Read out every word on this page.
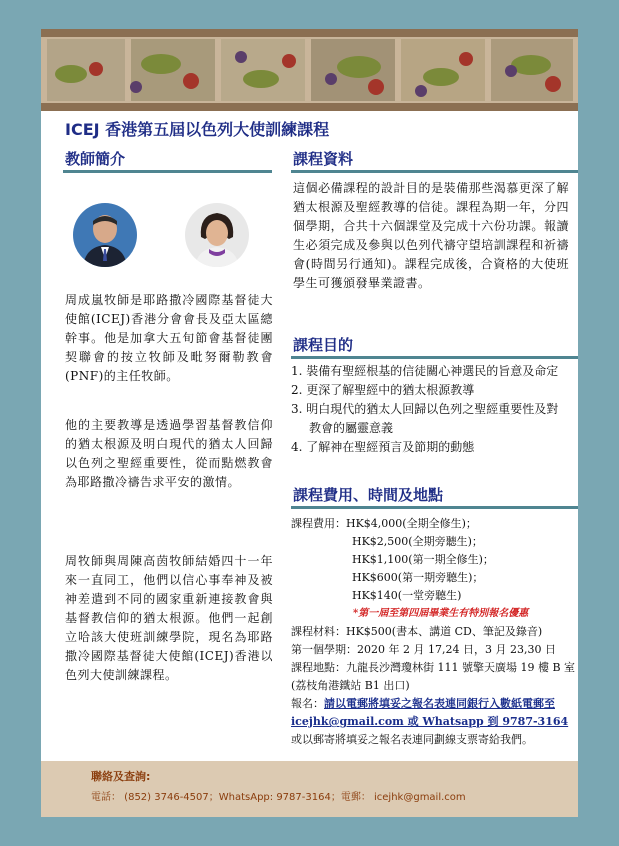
ICEJ 香港第五屆以色列大使訓練課程
教師簡介

周成嵐牧師是耶路撒冷國際基督徒大使館(ICEJ)香港分會會長及亞太區總幹事。他是加拿大五旬節會基督徒團契聯會的按立牧師及毗努爾勒教會(PNF)的主任牧師。

他的主要教導是透過學習基督教信仰的猶太根源及明白現代的猶太人回歸以色列之聖經重要性，從而點燃教會為耶路撒冷禱告求平安的激情。

周牧師與周陳高茵牧師結婚四十一年來一直同工，他們以信心事奉神及被神差遣到不同的國家重新連接教會與基督教信仰的猶太根源。他們一起創立哈該大使班訓練學院，現名為耶路撒冷國際基督徒大使館(ICEJ)香港以色列大使訓練課程。

課程資料

這個必備課程的設計目的是裝備那些渴慕更深了解猶太根源及聖經教導的信徒。課程為期一年，分四個學期，合共十六個課堂及完成十六份功課。報讀生必須完成及參與以色列代禱守望培訓課程和祈禱會(時間另行通知)。課程完成後，合資格的大使班學生可獲頒發畢業證書。

課程目的
1. 裝備有聖經根基的信徒關心神選民的旨意及命定
2. 更深了解聖經中的猶太根源教導
3. 明白現代的猶太人回歸以色列之聖經重要性及對教會的屬靈意義
4. 了解神在聖經預言及節期的動態
課程費用、時間及地點
課程費用：HK$4,000(全期全修生)；
HK$2,500(全期旁聽生)；
HK$1,100(第一期全修生)；
HK$600(第一期旁聽生)；
HK$140(一堂旁聽生)
*第一屆至第四屆畢業生有特別報名優惠
課程材料：HK$500(書本、講道 CD、筆記及錄音)
第一個學期：2020 年 2 月 17,24 日，3 月 23,30 日
課程地點：九龍長沙灣瓊林街 111 號擎天廣場 19 樓 B 室 (荔枝角港鐵站 B1 出口)
報名：請以電郵將填妥之報名表連同銀行入數紙電郵至 icejhk@gmail.com 或 Whatsapp 到 9787-3164或以郵寄將填妥之報名表連同劃線支票寄給我們。
聯絡及查詢:
電話： (852) 3746-4507；WhatsApp: 9787-3164；電郵： icejhk@gmail.com
